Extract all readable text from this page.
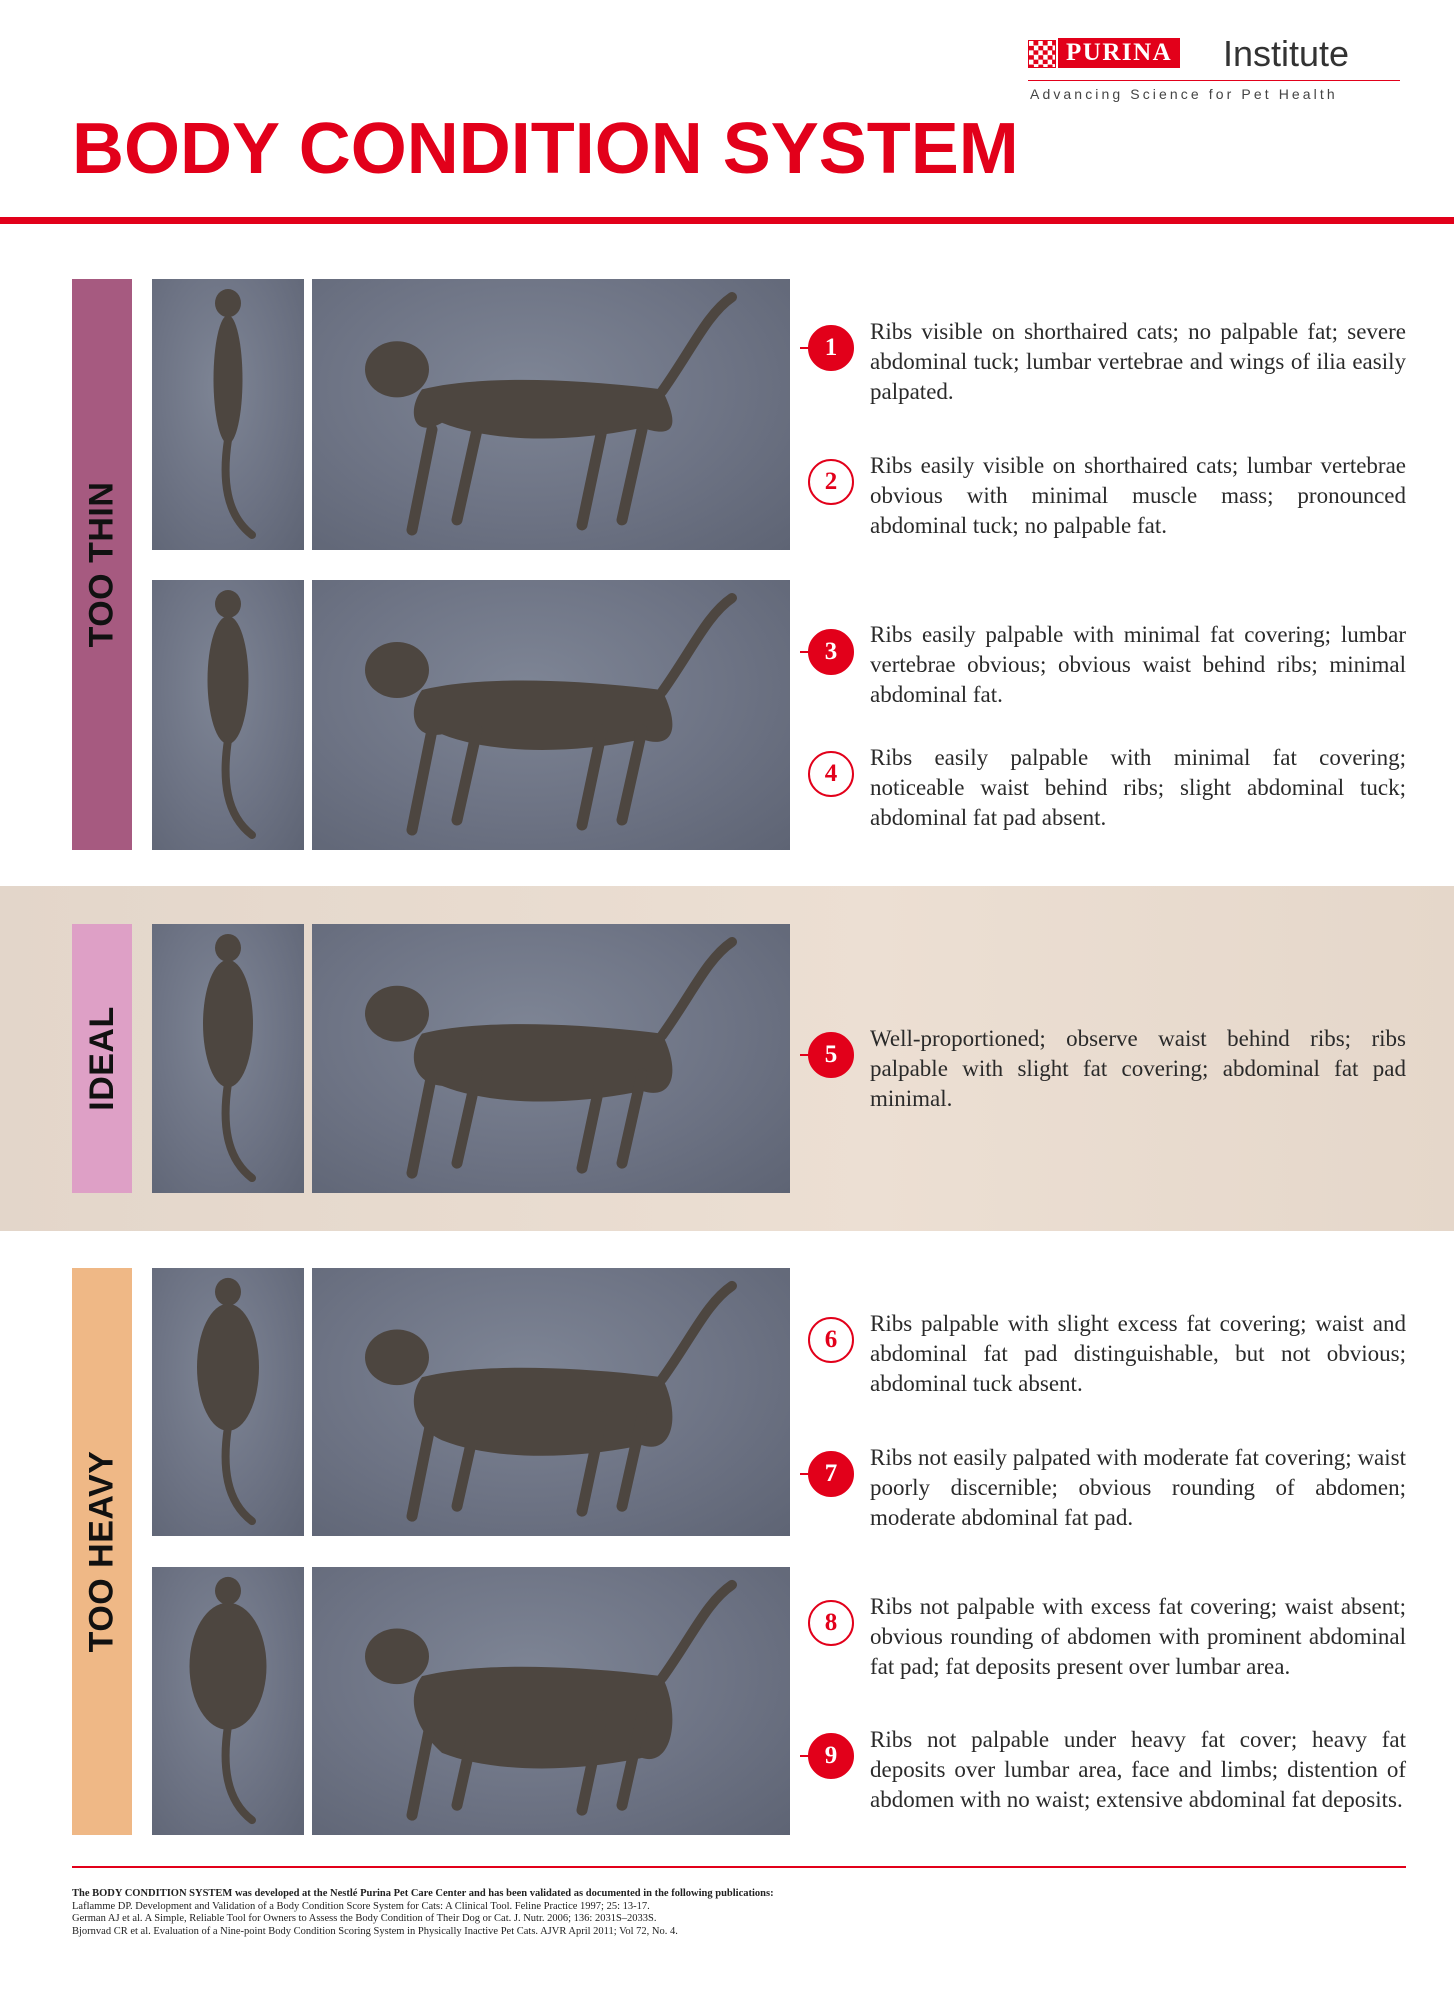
PURINA Institute
Advancing Science for Pet Health
BODY CONDITION SYSTEM
TOO THIN
IDEAL
TOO HEAVY
1

Ribs visible on shorthaired cats; no palpable fat; severe abdominal tuck; lumbar vertebrae and wings of ilia easily palpated.

2

Ribs easily visible on shorthaired cats; lumbar vertebrae obvious with minimal muscle mass; pronounced abdominal tuck; no palpable fat.

3

Ribs easily palpable with minimal fat covering; lumbar vertebrae obvious; obvious waist behind ribs; minimal abdominal fat.

4

Ribs easily palpable with minimal fat covering; noticeable waist behind ribs; slight abdominal tuck; abdominal fat pad absent.

5

Well-proportioned; observe waist behind ribs; ribs palpable with slight fat covering; abdominal fat pad minimal.

6

Ribs palpable with slight excess fat covering; waist and abdominal fat pad distinguishable, but not obvious; abdominal tuck absent.

7

Ribs not easily palpated with moderate fat covering; waist poorly discernible; obvious rounding of abdomen; moderate abdominal fat pad.

8

Ribs not palpable with excess fat covering; waist absent; obvious rounding of abdomen with prominent abdominal fat pad; fat deposits present over lumbar area.

9

Ribs not palpable under heavy fat cover; heavy fat deposits over lumbar area, face and limbs; distention of abdomen with no waist; extensive abdominal fat deposits.

The BODY CONDITION SYSTEM was developed at the Nestlé Purina Pet Care Center and has been validated as documented in the following publications:

Laflamme DP. Development and Validation of a Body Condition Score System for Cats: A Clinical Tool. Feline Practice 1997; 25: 13-17.

German AJ et al. A Simple, Reliable Tool for Owners to Assess the Body Condition of Their Dog or Cat. J. Nutr. 2006; 136: 2031S–2033S.

Bjornvad CR et al. Evaluation of a Nine-point Body Condition Scoring System in Physically Inactive Pet Cats. AJVR April 2011; Vol 72, No. 4.
